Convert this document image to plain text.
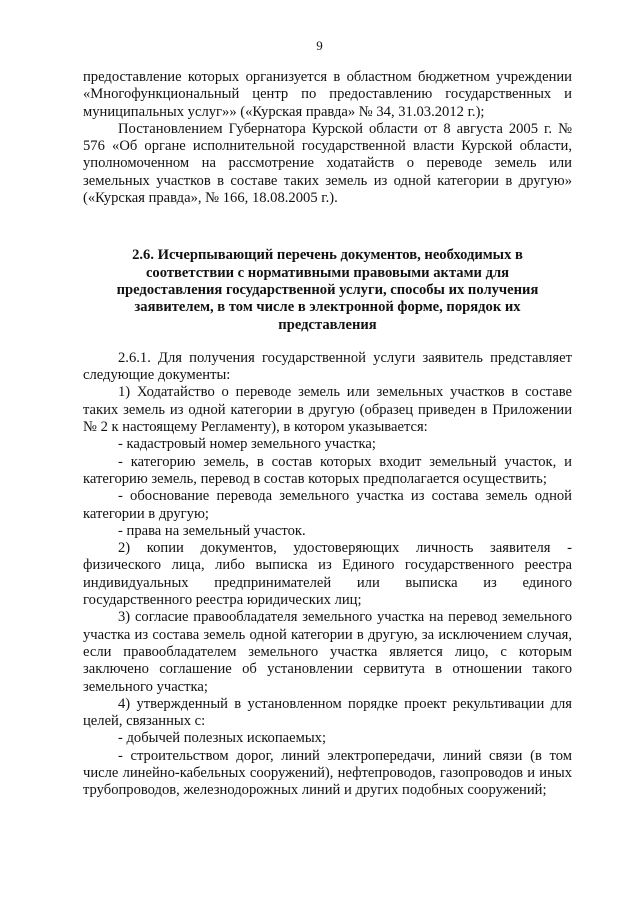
9

предоставление которых организуется в областном бюджетном учреждении «Многофункциональный центр по предоставлению государственных и муниципальных услуг»» («Курская правда» № 34, 31.03.2012 г.);

Постановлением Губернатора Курской области от 8 августа 2005 г. № 576 «Об органе исполнительной государственной власти Курской области, уполномоченном на рассмотрение ходатайств о переводе земель или земельных участков в составе таких земель из одной категории в другую» («Курская правда», № 166, 18.08.2005 г.).

2.6. Исчерпывающий перечень документов, необходимых в соответствии с нормативными правовыми актами для предоставления государственной услуги, способы их получения заявителем, в том числе в электронной форме, порядок их представления

2.6.1. Для получения государственной услуги заявитель представляет следующие документы:

1) Ходатайство о переводе земель или земельных участков в составе таких земель из одной категории в другую (образец приведен в Приложении № 2 к настоящему Регламенту), в котором указывается:

- кадастровый номер земельного участка;

- категорию земель, в состав которых входит земельный участок, и категорию земель, перевод в состав которых предполагается осуществить;

- обоснование перевода земельного участка из состава земель одной категории в другую;

- права на земельный участок.

2) копии документов, удостоверяющих личность заявителя - физического лица, либо выписка из Единого государственного реестра индивидуальных предпринимателей или выписка из единого государственного реестра юридических лиц;

3) согласие правообладателя земельного участка на перевод земельного участка из состава земель одной категории в другую, за исключением случая, если правообладателем земельного участка является лицо, с которым заключено соглашение об установлении сервитута в отношении такого земельного участка;

4) утвержденный в установленном порядке проект рекультивации для целей, связанных с:

- добычей полезных ископаемых;

- строительством дорог, линий электропередачи, линий связи (в том числе линейно-кабельных сооружений), нефтепроводов, газопроводов и иных трубопроводов, железнодорожных линий и других подобных сооружений;
